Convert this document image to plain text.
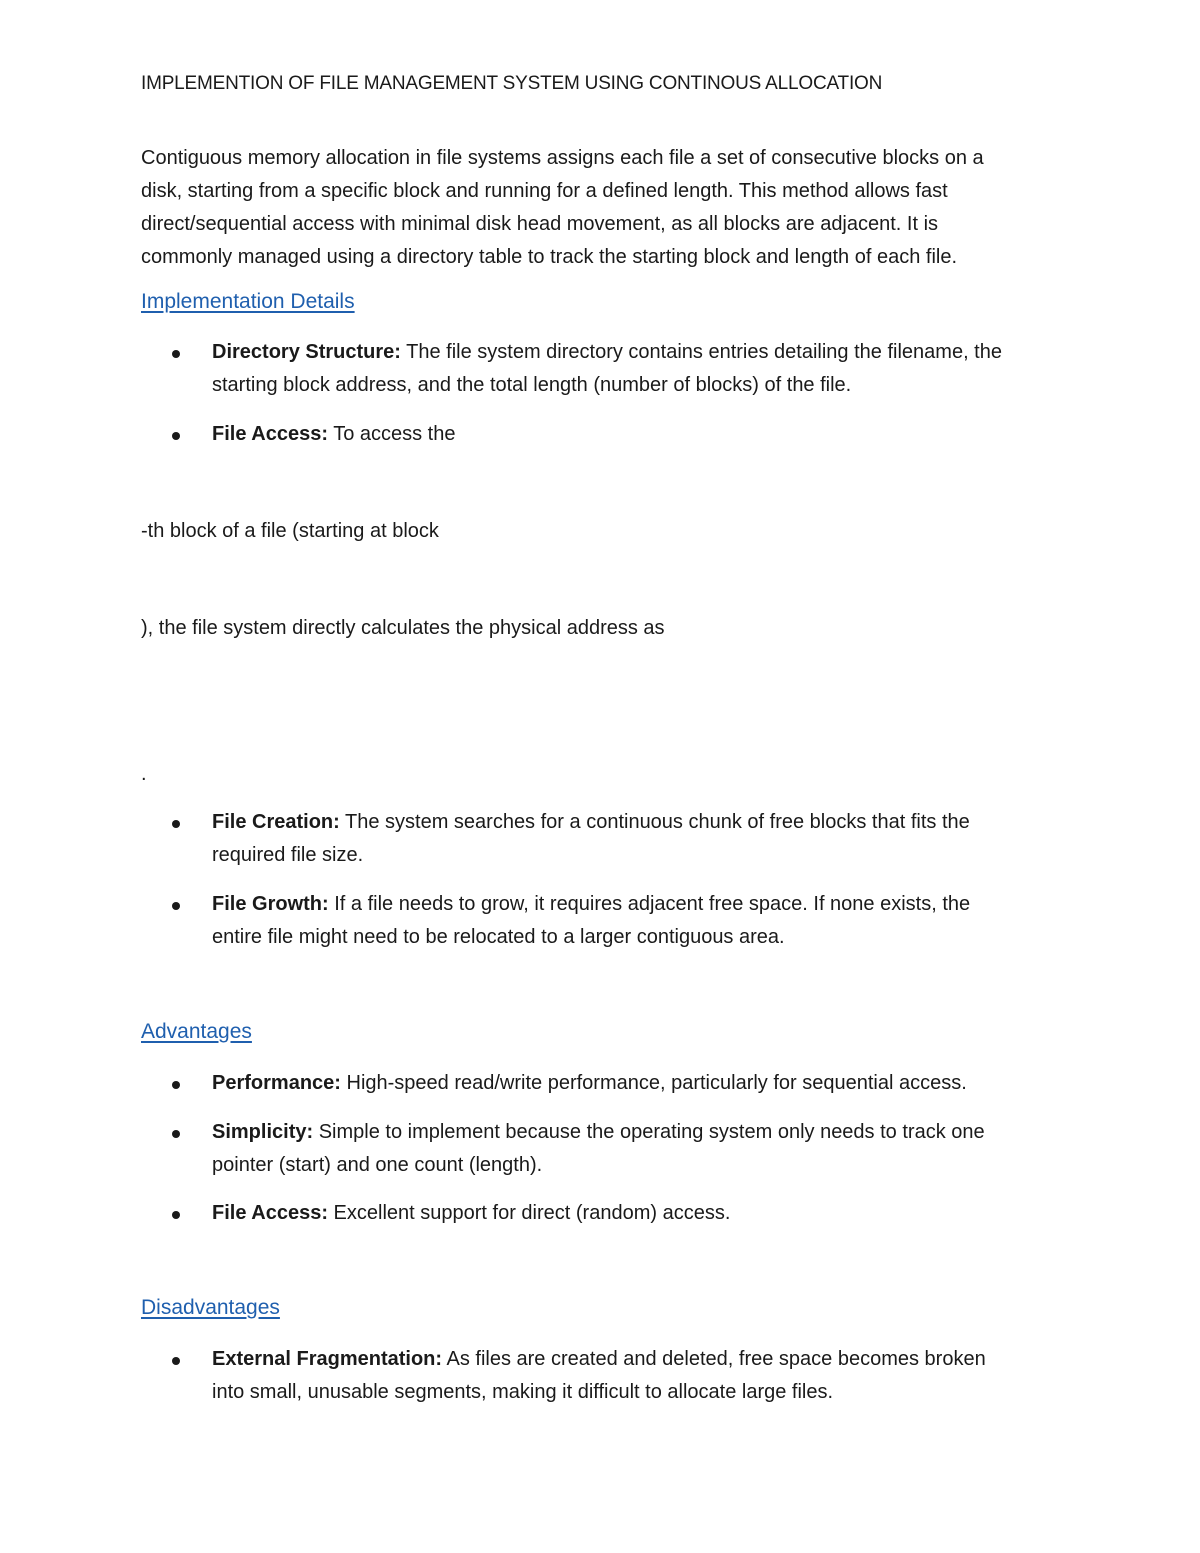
IMPLEMENTION OF FILE MANAGEMENT SYSTEM USING CONTINOUS ALLOCATION

Contiguous memory allocation in file systems assigns each file a set of consecutive blocks on a
disk, starting from a specific block and running for a defined length. This method allows fast
direct/sequential access with minimal disk head movement, as all blocks are adjacent. It is
commonly managed using a directory table to track the starting block and length of each file.

Implementation Details

Directory Structure: The file system directory contains entries detailing the filename, the
starting block address, and the total length (number of blocks) of the file.
File Access: To access the

-th block of a file (starting at block

), the file system directly calculates the physical address as

.

File Creation: The system searches for a continuous chunk of free blocks that fits the
required file size.
File Growth: If a file needs to grow, it requires adjacent free space. If none exists, the
entire file might need to be relocated to a larger contiguous area.

Advantages

Performance: High-speed read/write performance, particularly for sequential access.
Simplicity: Simple to implement because the operating system only needs to track one
pointer (start) and one count (length).
File Access: Excellent support for direct (random) access.

Disadvantages

External Fragmentation: As files are created and deleted, free space becomes broken
into small, unusable segments, making it difficult to allocate large files.
